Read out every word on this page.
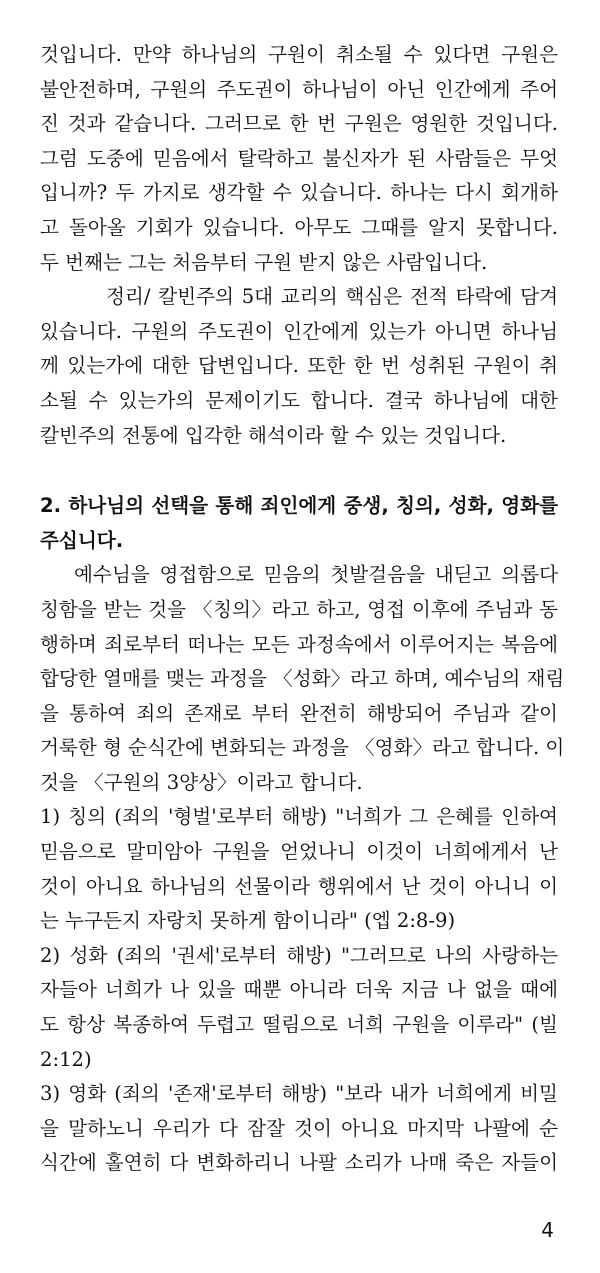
것입니다. 만약 하나님의 구원이 취소될 수 있다면 구원은
불안전하며, 구원의 주도권이 하나님이 아닌 인간에게 주어
진 것과 같습니다. 그러므로 한 번 구원은 영원한 것입니다.
그럼 도중에 믿음에서 탈락하고 불신자가 된 사람들은 무엇
입니까? 두 가지로 생각할 수 있습니다. 하나는 다시 회개하
고 돌아올 기회가 있습니다. 아무도 그때를 알지 못합니다.
두 번째는 그는 처음부터 구원 받지 않은 사람입니다.
정리/ 칼빈주의 5대 교리의 핵심은 전적 타락에 담겨
있습니다. 구원의 주도권이 인간에게 있는가 아니면 하나님
께 있는가에 대한 답변입니다. 또한 한 번 성취된 구원이 취
소될 수 있는가의 문제이기도 합니다. 결국 하나님에 대한
칼빈주의 전통에 입각한 해석이라 할 수 있는 것입니다.
2. 하나님의 선택을 통해 죄인에게 중생, 칭의, 성화, 영화를
주십니다.
예수님을 영접함으로 믿음의 첫발걸음을 내딛고 의롭다
칭함을 받는 것을 〈칭의〉라고 하고, 영접 이후에 주님과 동
행하며 죄로부터 떠나는 모든 과정속에서 이루어지는 복음에
합당한 열매를 맺는 과정을 〈성화〉라고 하며, 예수님의 재림
을 통하여 죄의 존재로 부터 완전히 해방되어 주님과 같이
거룩한 형 순식간에 변화되는 과정을 〈영화〉라고 합니다. 이
것을 〈구원의 3양상〉이라고 합니다.
1) 칭의 (죄의 '형벌'로부터 해방) "너희가 그 은혜를 인하여
믿음으로 말미암아 구원을 얻었나니 이것이 너희에게서 난
것이 아니요 하나님의 선물이라 행위에서 난 것이 아니니 이
는 누구든지 자랑치 못하게 함이니라" (엡 2:8-9)
2) 성화 (죄의 '권세'로부터 해방) "그러므로 나의 사랑하는
자들아 너희가 나 있을 때뿐 아니라 더욱 지금 나 없을 때에
도 항상 복종하여 두렵고 떨림으로 너희 구원을 이루라" (빌
2:12)
3) 영화 (죄의 '존재'로부터 해방) "보라 내가 너희에게 비밀
을 말하노니 우리가 다 잠잘 것이 아니요 마지막 나팔에 순
식간에 홀연히 다 변화하리니 나팔 소리가 나매 죽은 자들이
4
